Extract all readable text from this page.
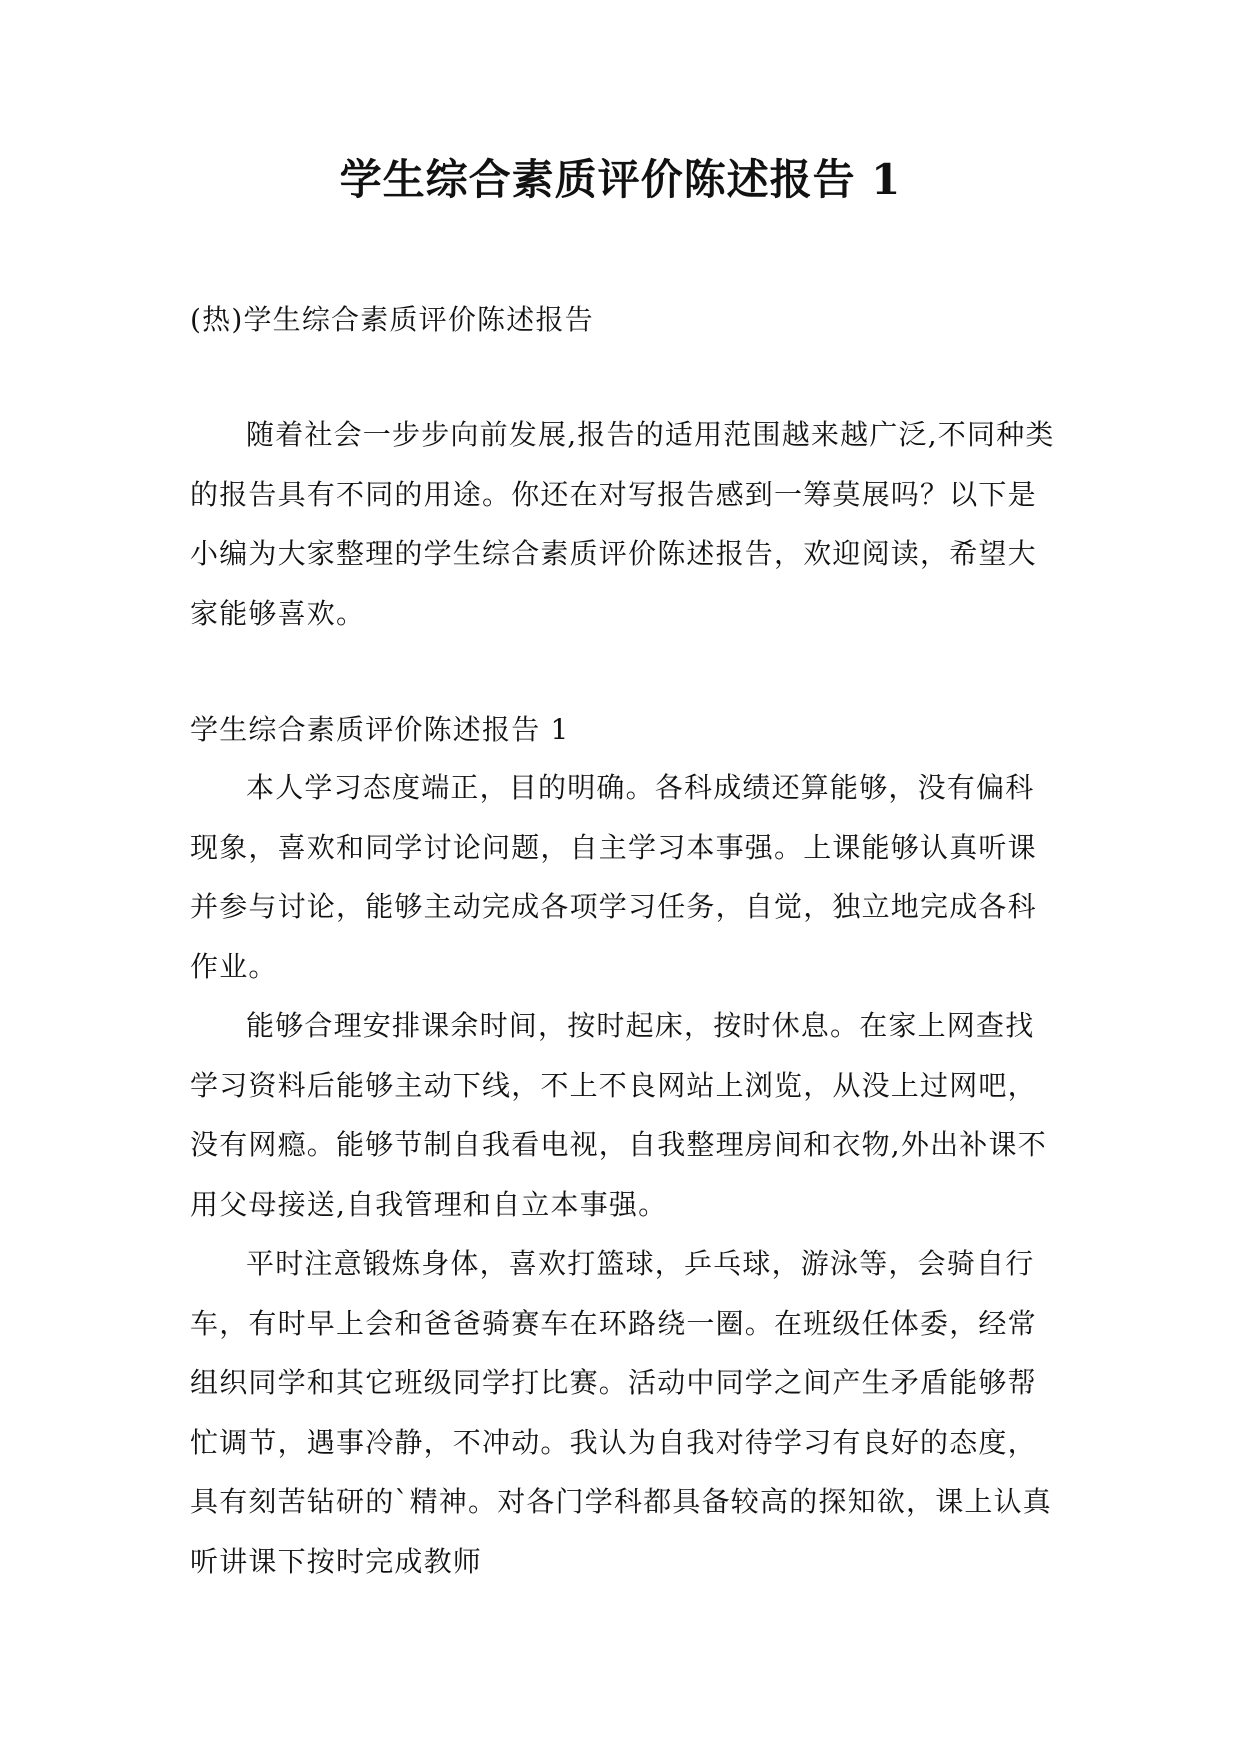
学生综合素质评价陈述报告 1

(热)学生综合素质评价陈述报告

随着社会一步步向前发展,报告的适用范围越来越广泛,不同种类的报告具有不同的用途。你还在对写报告感到一筹莫展吗？以下是小编为大家整理的学生综合素质评价陈述报告，欢迎阅读，希望大家能够喜欢。

学生综合素质评价陈述报告 1

本人学习态度端正，目的明确。各科成绩还算能够，没有偏科现象，喜欢和同学讨论问题，自主学习本事强。上课能够认真听课并参与讨论，能够主动完成各项学习任务，自觉，独立地完成各科作业。

能够合理安排课余时间，按时起床，按时休息。在家上网查找学习资料后能够主动下线，不上不良网站上浏览，从没上过网吧，没有网瘾。能够节制自我看电视，自我整理房间和衣物,外出补课不用父母接送,自我管理和自立本事强。

平时注意锻炼身体，喜欢打篮球，乒乓球，游泳等，会骑自行车，有时早上会和爸爸骑赛车在环路绕一圈。在班级任体委，经常组织同学和其它班级同学打比赛。活动中同学之间产生矛盾能够帮忙调节，遇事冷静，不冲动。我认为自我对待学习有良好的态度，具有刻苦钻研的`精神。对各门学科都具备较高的探知欲，课上认真听讲课下按时完成教师
